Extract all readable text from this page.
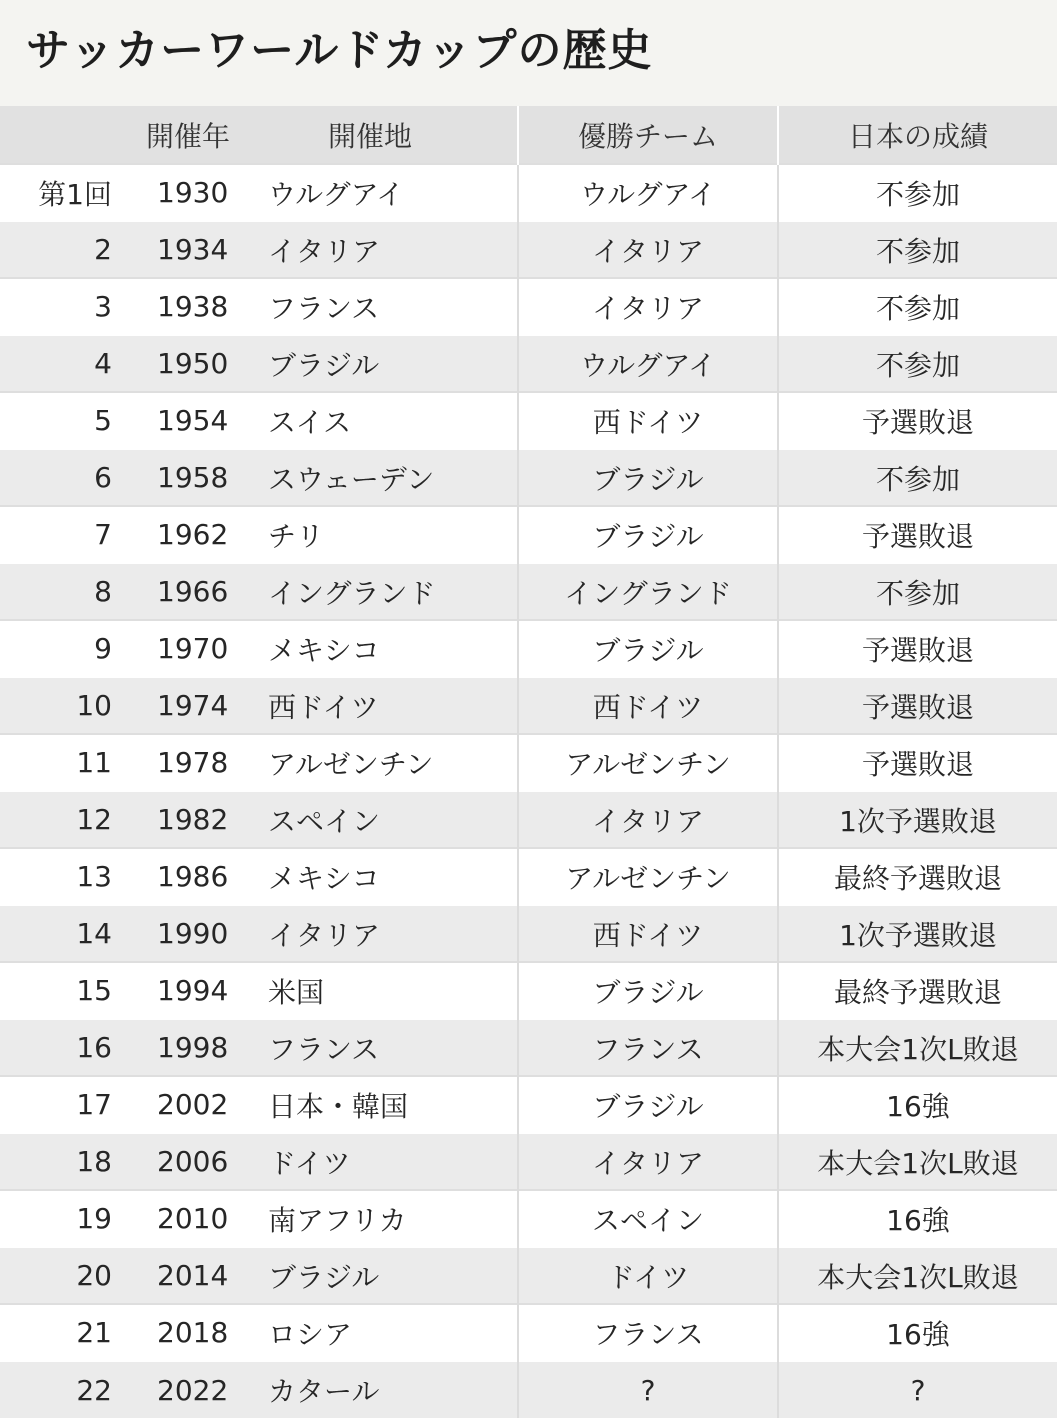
サッカーワールドカップの歴史
	開催年	開催地	優勝チーム	日本の成績
第1回	1930	ウルグアイ	ウルグアイ	不参加
2	1934	イタリア	イタリア	不参加
3	1938	フランス	イタリア	不参加
4	1950	ブラジル	ウルグアイ	不参加
5	1954	スイス	西ドイツ	予選敗退
6	1958	スウェーデン	ブラジル	不参加
7	1962	チリ	ブラジル	予選敗退
8	1966	イングランド	イングランド	不参加
9	1970	メキシコ	ブラジル	予選敗退
10	1974	西ドイツ	西ドイツ	予選敗退
11	1978	アルゼンチン	アルゼンチン	予選敗退
12	1982	スペイン	イタリア	1次予選敗退
13	1986	メキシコ	アルゼンチン	最終予選敗退
14	1990	イタリア	西ドイツ	1次予選敗退
15	1994	米国	ブラジル	最終予選敗退
16	1998	フランス	フランス	本大会1次L敗退
17	2002	日本・韓国	ブラジル	16強
18	2006	ドイツ	イタリア	本大会1次L敗退
19	2010	南アフリカ	スペイン	16強
20	2014	ブラジル	ドイツ	本大会1次L敗退
21	2018	ロシア	フランス	16強
22	2022	カタール	?	?
